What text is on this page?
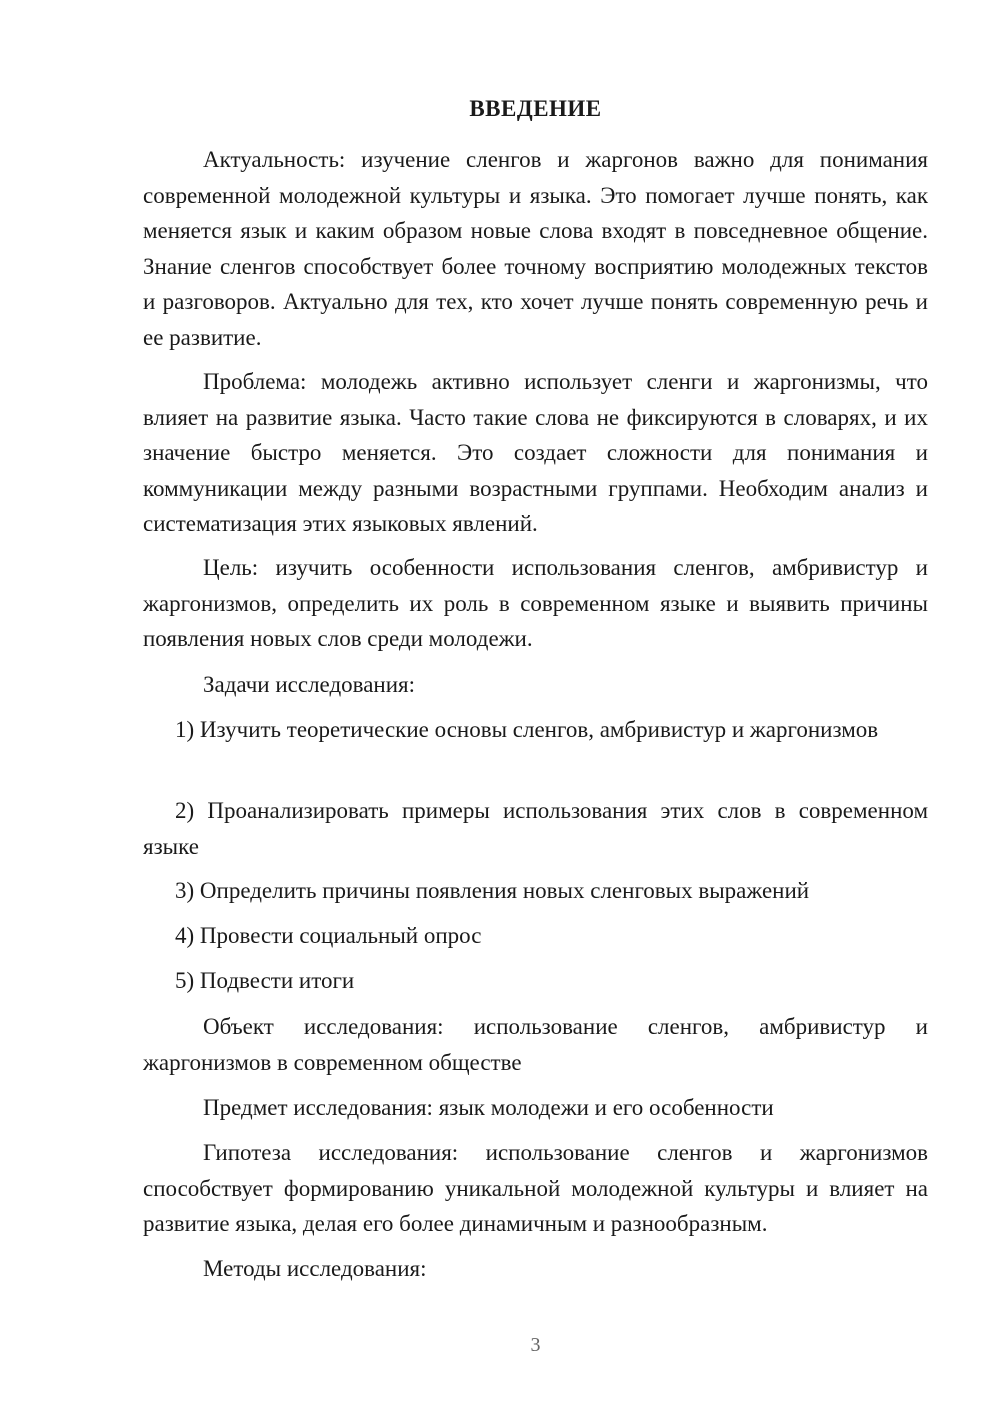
ВВЕДЕНИЕ

Актуальность: изучение сленгов и жаргонов важно для понимания современной молодежной культуры и языка. Это помогает лучше понять, как меняется язык и каким образом новые слова входят в повседневное общение. Знание сленгов способствует более точному восприятию молодежных текстов и разговоров. Актуально для тех, кто хочет лучше понять современную речь и ее развитие.

Проблема: молодежь активно использует сленги и жаргонизмы, что влияет на развитие языка. Часто такие слова не фиксируются в словарях, и их значение быстро меняется. Это создает сложности для понимания и коммуникации между разными возрастными группами. Необходим анализ и систематизация этих языковых явлений.

Цель: изучить особенности использования сленгов, амбривистур и жаргонизмов, определить их роль в современном языке и выявить причины появления новых слов среди молодежи.

Задачи исследования:

1) Изучить теоретические основы сленгов, амбривистур и жаргонизмов

2) Проанализировать примеры использования этих слов в современном языке

3) Определить причины появления новых сленговых выражений

4) Провести социальный опрос

5) Подвести итоги

Объект исследования: использование сленгов, амбривистур и жаргонизмов в современном обществе

Предмет исследования: язык молодежи и его особенности

Гипотеза исследования: использование сленгов и жаргонизмов способствует формированию уникальной молодежной культуры и влияет на развитие языка, делая его более динамичным и разнообразным.

Методы исследования:

3
